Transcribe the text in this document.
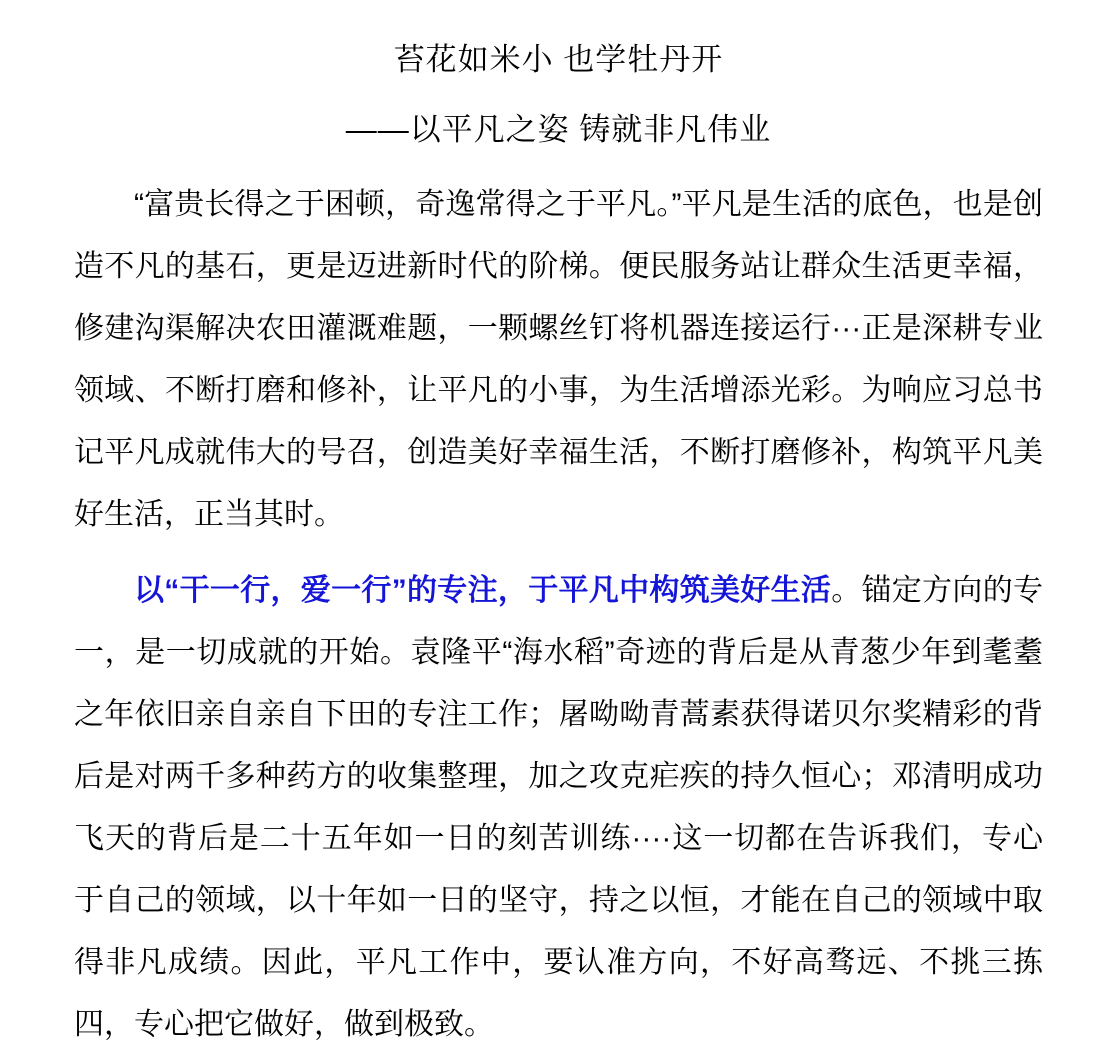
苔花如米小 也学牡丹开
——以平凡之姿 铸就非凡伟业

“富贵长得之于困顿，奇逸常得之于平凡。”平凡是生活的底色，也是创造不凡的基石，更是迈进新时代的阶梯。便民服务站让群众生活更幸福，修建沟渠解决农田灌溉难题，一颗螺丝钉将机器连接运行···正是深耕专业领域、不断打磨和修补，让平凡的小事，为生活增添光彩。为响应习总书记平凡成就伟大的号召，创造美好幸福生活，不断打磨修补，构筑平凡美好生活，正当其时。

以“干一行，爱一行”的专注，于平凡中构筑美好生活。锚定方向的专一，是一切成就的开始。袁隆平“海水稻”奇迹的背后是从青葱少年到耄耋之年依旧亲自亲自下田的专注工作；屠呦呦青蒿素获得诺贝尔奖精彩的背后是对两千多种药方的收集整理，加之攻克疟疾的持久恒心；邓清明成功飞天的背后是二十五年如一日的刻苦训练····这一切都在告诉我们，专心于自己的领域，以十年如一日的坚守，持之以恒，才能在自己的领域中取得非凡成绩。因此，平凡工作中，要认准方向，不好高骛远、不挑三拣四，专心把它做好，做到极致。
